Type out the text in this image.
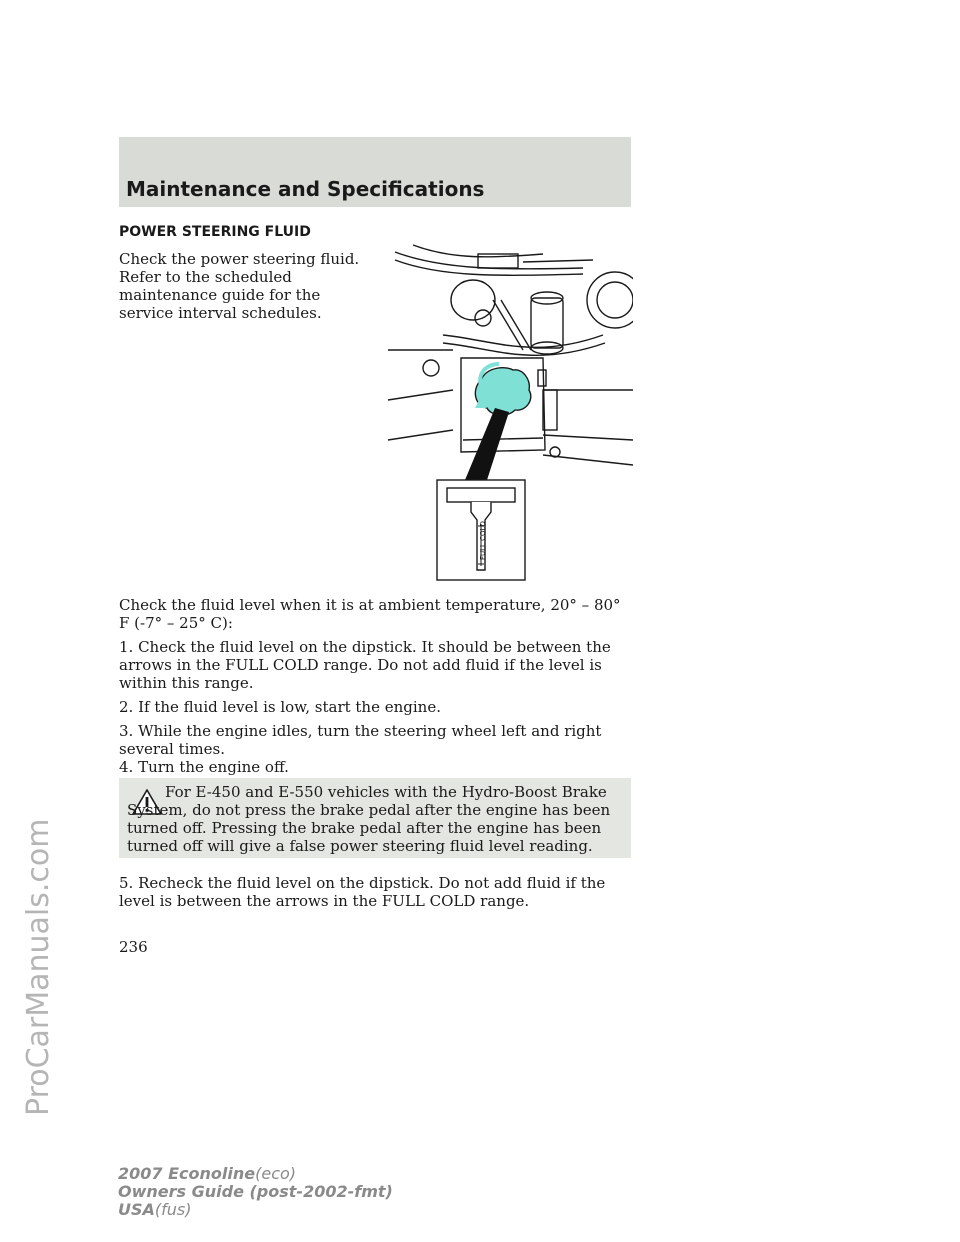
ProCarManuals.com
Maintenance and Specifications
POWER STEERING FLUID

Check the power steering fluid. Refer to the scheduled maintenance guide for the service interval schedules.

FULL COLD

Check the fluid level when it is at ambient temperature, 20° – 80° F (-7° – 25° C):

1. Check the fluid level on the dipstick. It should be between the arrows in the FULL COLD range. Do not add fluid if the level is within this range.

2. If the fluid level is low, start the engine.

3. While the engine idles, turn the steering wheel left and right several times.

4. Turn the engine off.

For E-450 and E-550 vehicles with the Hydro-Boost Brake System, do not press the brake pedal after the engine has been turned off. Pressing the brake pedal after the engine has been turned off will give a false power steering fluid level reading.

5. Recheck the fluid level on the dipstick. Do not add fluid if the level is between the arrows in the FULL COLD range.

236
2007 Econoline(eco)
Owners Guide (post-2002-fmt)
USA(fus)
